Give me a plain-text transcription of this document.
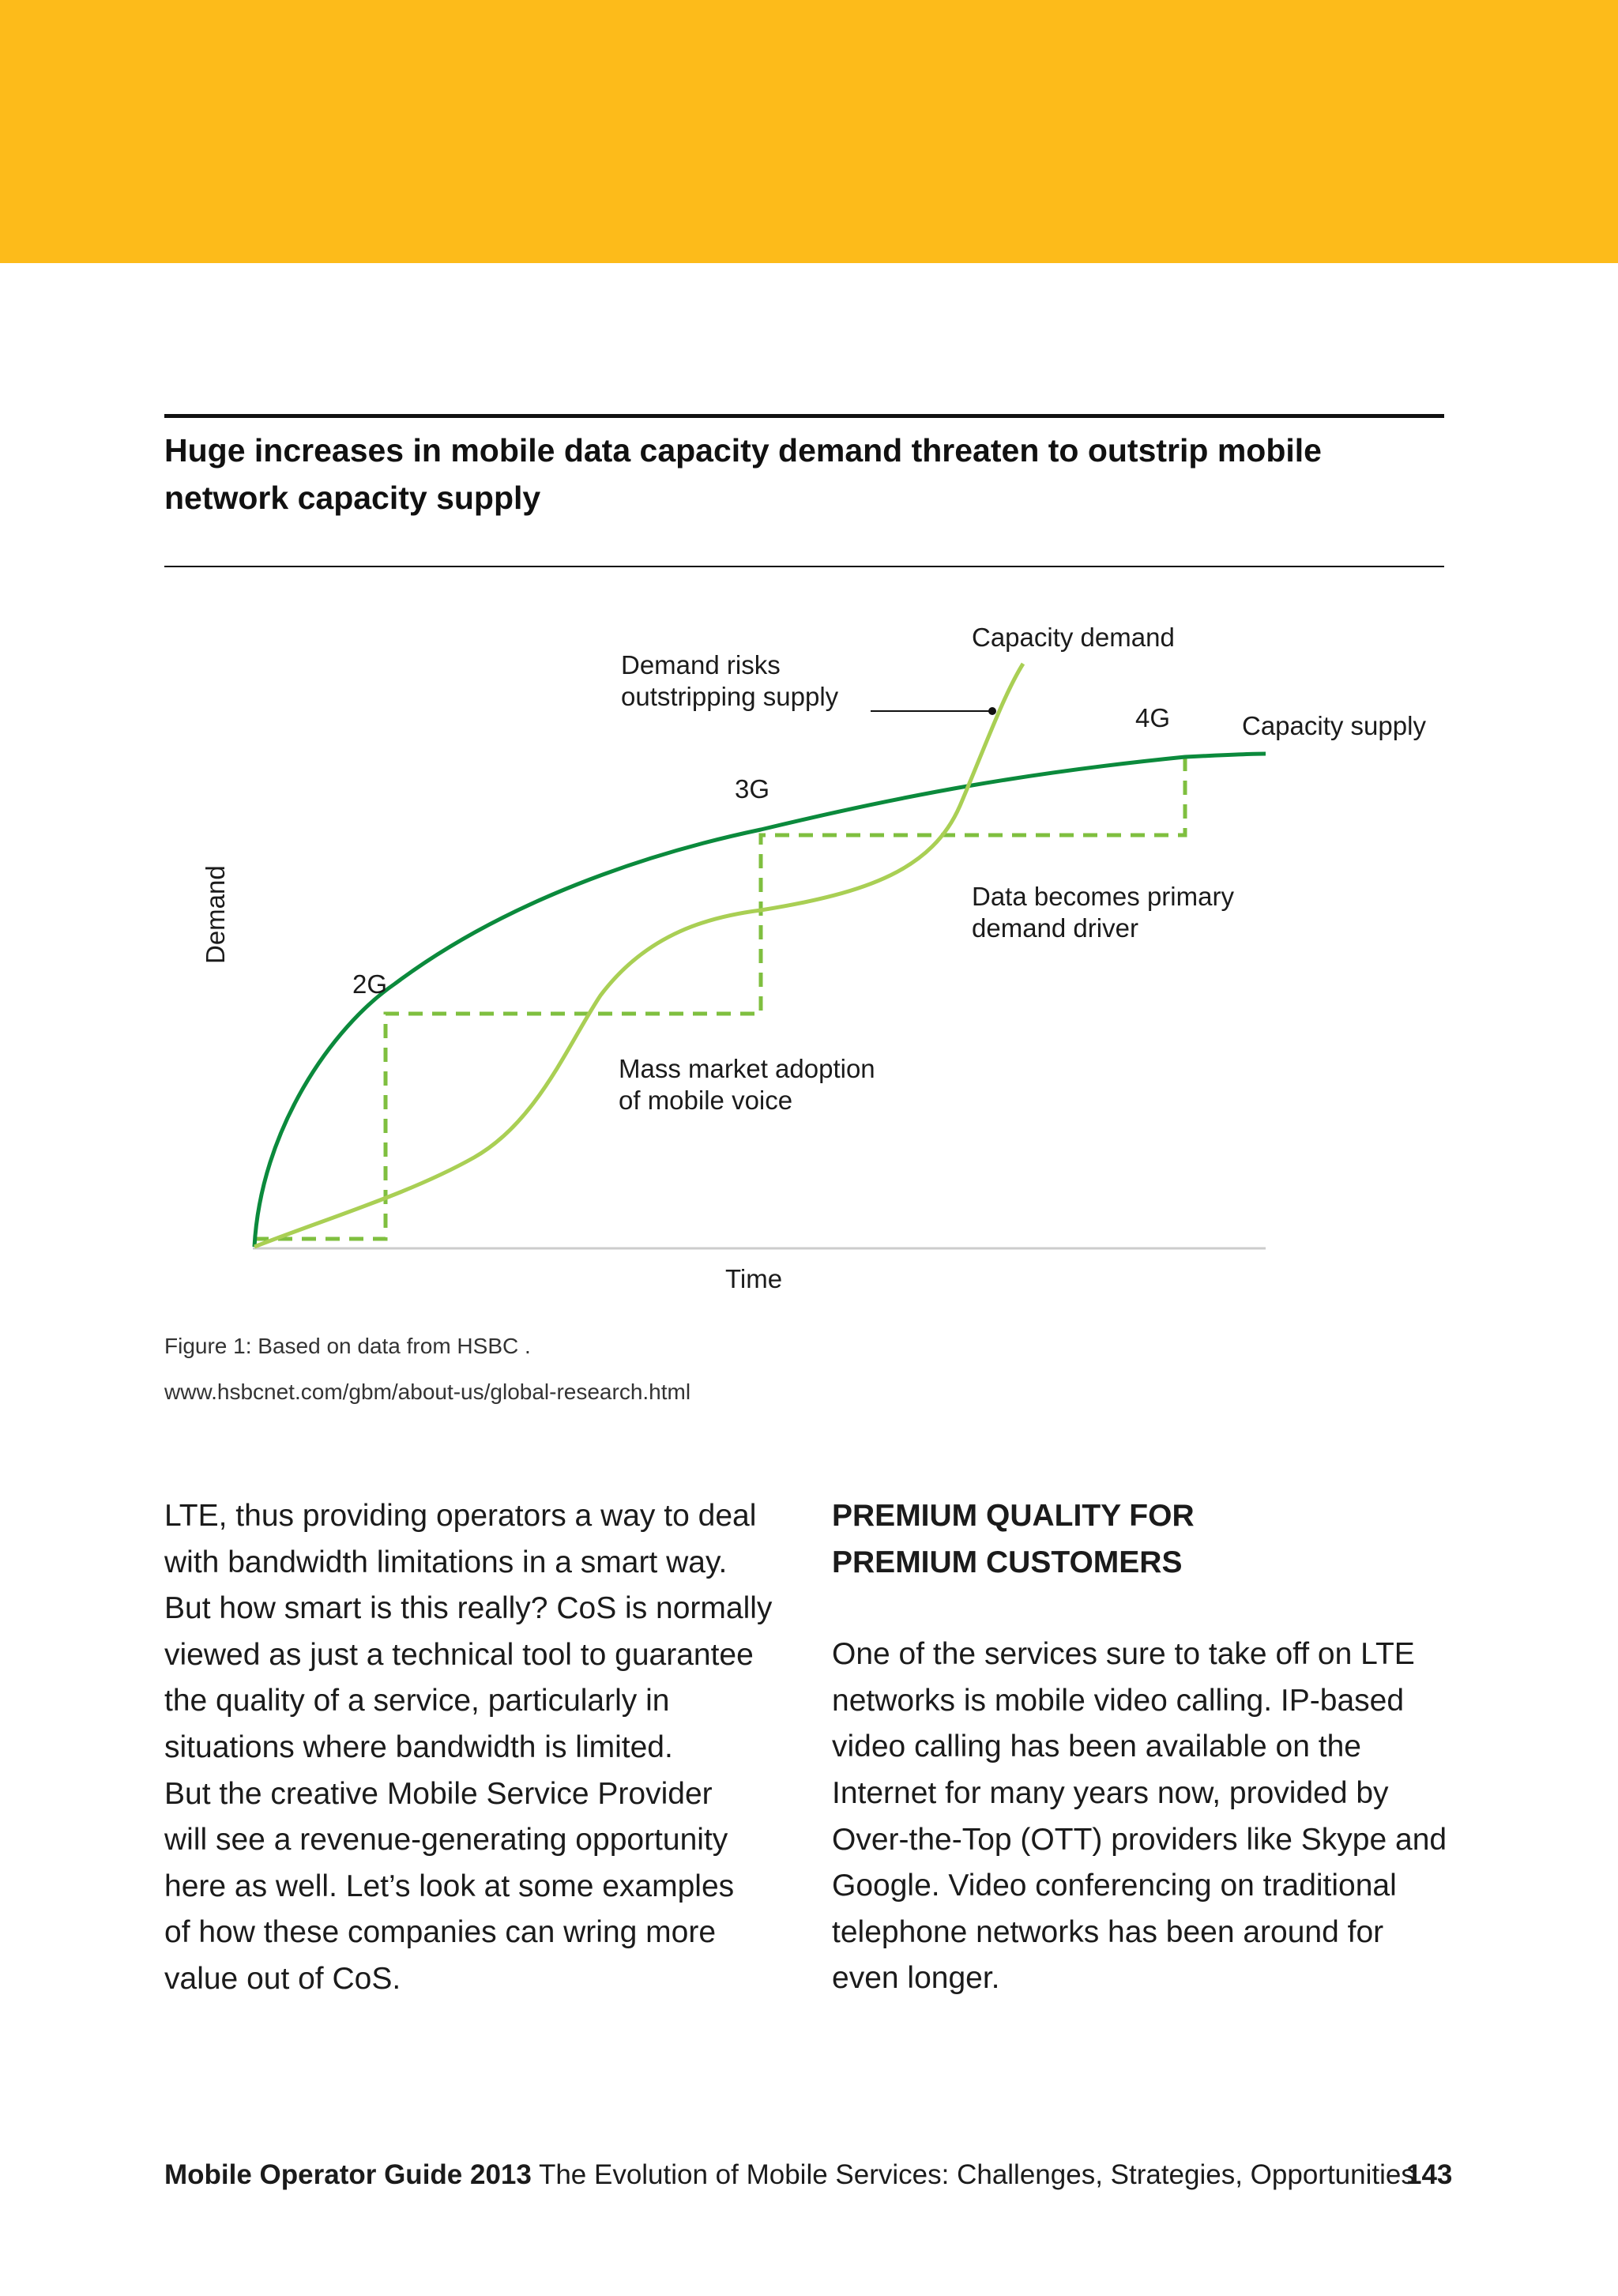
Huge increases in mobile data capacity demand threaten to outstrip mobile network capacity supply
Capacity demand
Capacity supply
Demand risks
outstripping supply
Data becomes primary
demand driver
Mass market adoption
of mobile voice
2G
3G
4G
Time
Demand
Figure 1: Based on data from HSBC .
www.hsbcnet.com/gbm/about-us/global-research.html

LTE, thus providing operators a way to deal

with bandwidth limitations in a smart way.

But how smart is this really? CoS is normally

viewed as just a technical tool to guarantee

the quality of a service, particularly in

situations where bandwidth is limited.

But the creative Mobile Service Provider

will see a revenue-generating opportunity

here as well. Let’s look at some examples

of how these companies can wring more

value out of CoS.

PREMIUM QUALITY FOR

PREMIUM CUSTOMERS

One of the services sure to take off on LTE

networks is mobile video calling. IP-based

video calling has been available on the

Internet for many years now, provided by

Over-the-Top (OTT) providers like Skype and

Google. Video conferencing on traditional

telephone networks has been around for

even longer.

Mobile Operator Guide 2013 The Evolution of Mobile Services: Challenges, Strategies, Opportunities
143
